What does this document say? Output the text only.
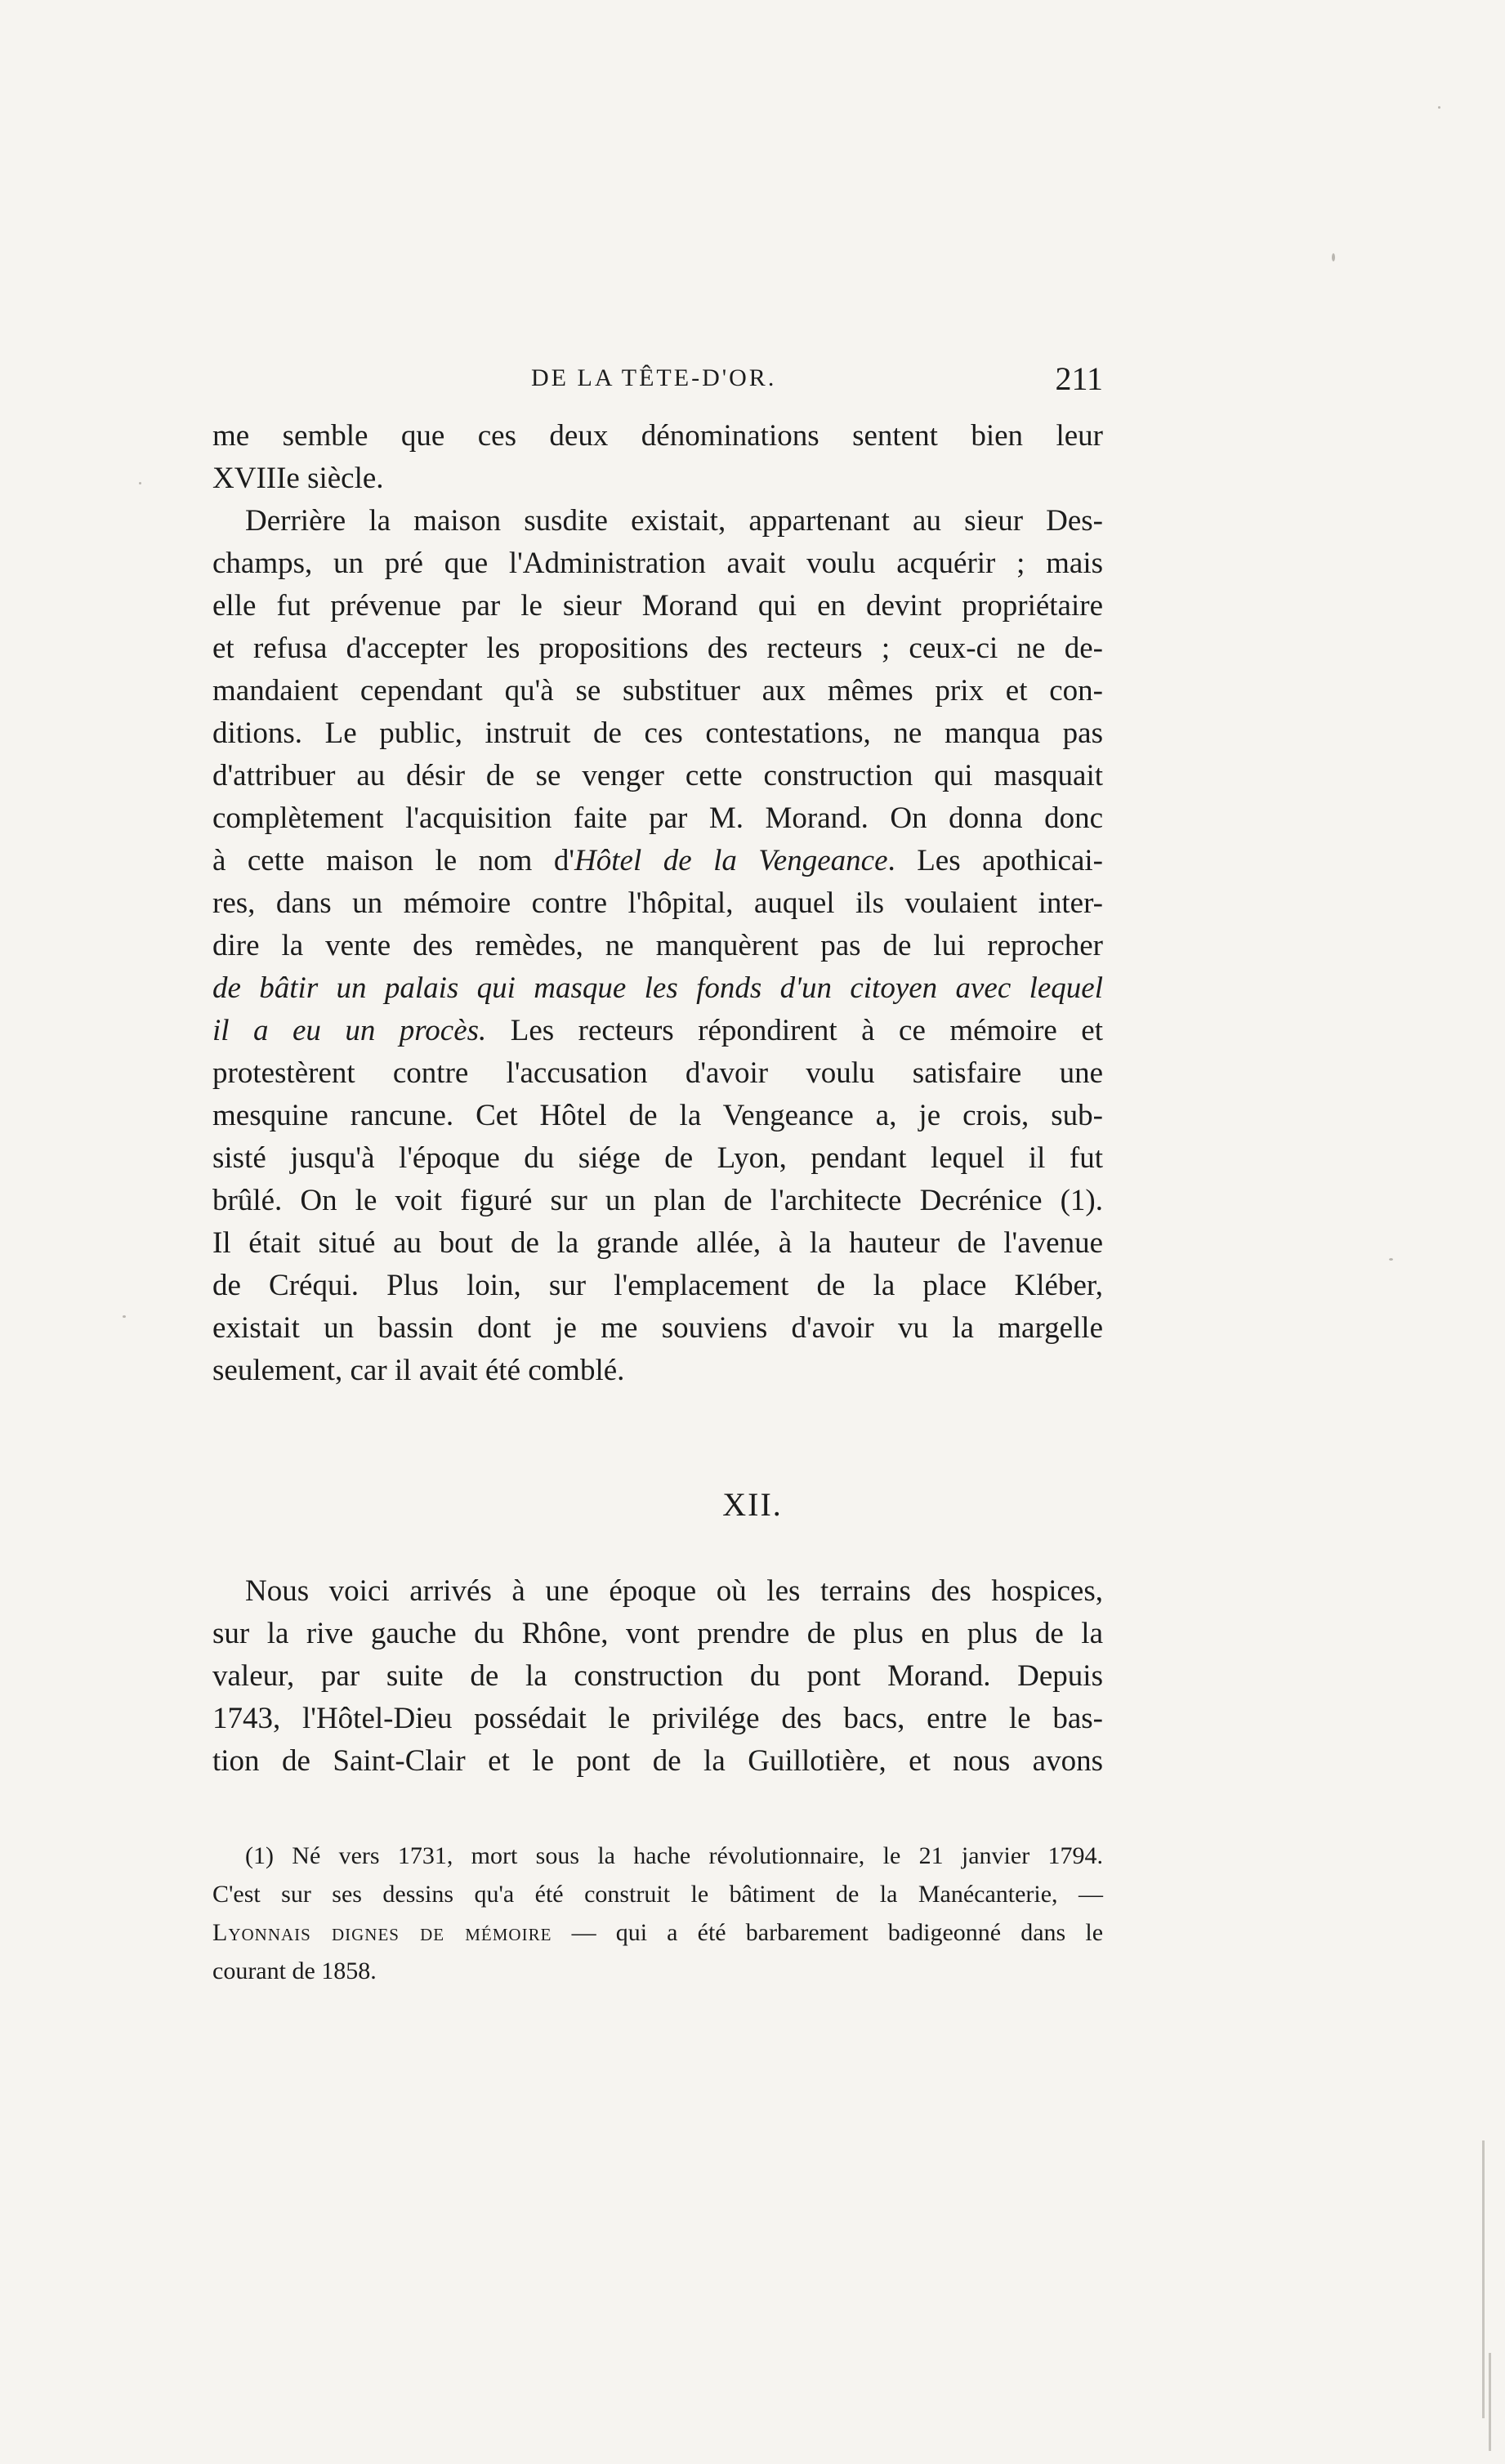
DE LA TÊTE-D'OR.	211
me semble que ces deux dénominations sentent bien leur
XVIIIe siècle.
Derrière la maison susdite existait, appartenant au sieur Des-
champs, un pré que l'Administration avait voulu acquérir ; mais
elle fut prévenue par le sieur Morand qui en devint propriétaire
et refusa d'accepter les propositions des recteurs ; ceux-ci ne de-
mandaient cependant qu'à se substituer aux mêmes prix et con-
ditions. Le public, instruit de ces contestations, ne manqua pas
d'attribuer au désir de se venger cette construction qui masquait
complètement l'acquisition faite par M. Morand. On donna donc
à cette maison le nom d'Hôtel de la Vengeance. Les apothicai-
res, dans un mémoire contre l'hôpital, auquel ils voulaient inter-
dire la vente des remèdes, ne manquèrent pas de lui reprocher
de bâtir un palais qui masque les fonds d'un citoyen avec lequel
il a eu un procès. Les recteurs répondirent à ce mémoire et
protestèrent contre l'accusation d'avoir voulu satisfaire une
mesquine rancune. Cet Hôtel de la Vengeance a, je crois, sub-
sisté jusqu'à l'époque du siége de Lyon, pendant lequel il fut
brûlé. On le voit figuré sur un plan de l'architecte Decrénice (1).
Il était situé au bout de la grande allée, à la hauteur de l'avenue
de Créqui. Plus loin, sur l'emplacement de la place Kléber,
existait un bassin dont je me souviens d'avoir vu la margelle
seulement, car il avait été comblé.
XII.
Nous voici arrivés à une époque où les terrains des hospices,
sur la rive gauche du Rhône, vont prendre de plus en plus de la
valeur, par suite de la construction du pont Morand. Depuis
1743, l'Hôtel-Dieu possédait le privilége des bacs, entre le bas-
tion de Saint-Clair et le pont de la Guillotière, et nous avons
(1) Né vers 1731, mort sous la hache révolutionnaire, le 21 janvier 1794.
C'est sur ses dessins qu'a été construit le bâtiment de la Manécanterie, —
Lyonnais dignes de mémoire — qui a été barbarement badigeonné dans le
courant de 1858.
